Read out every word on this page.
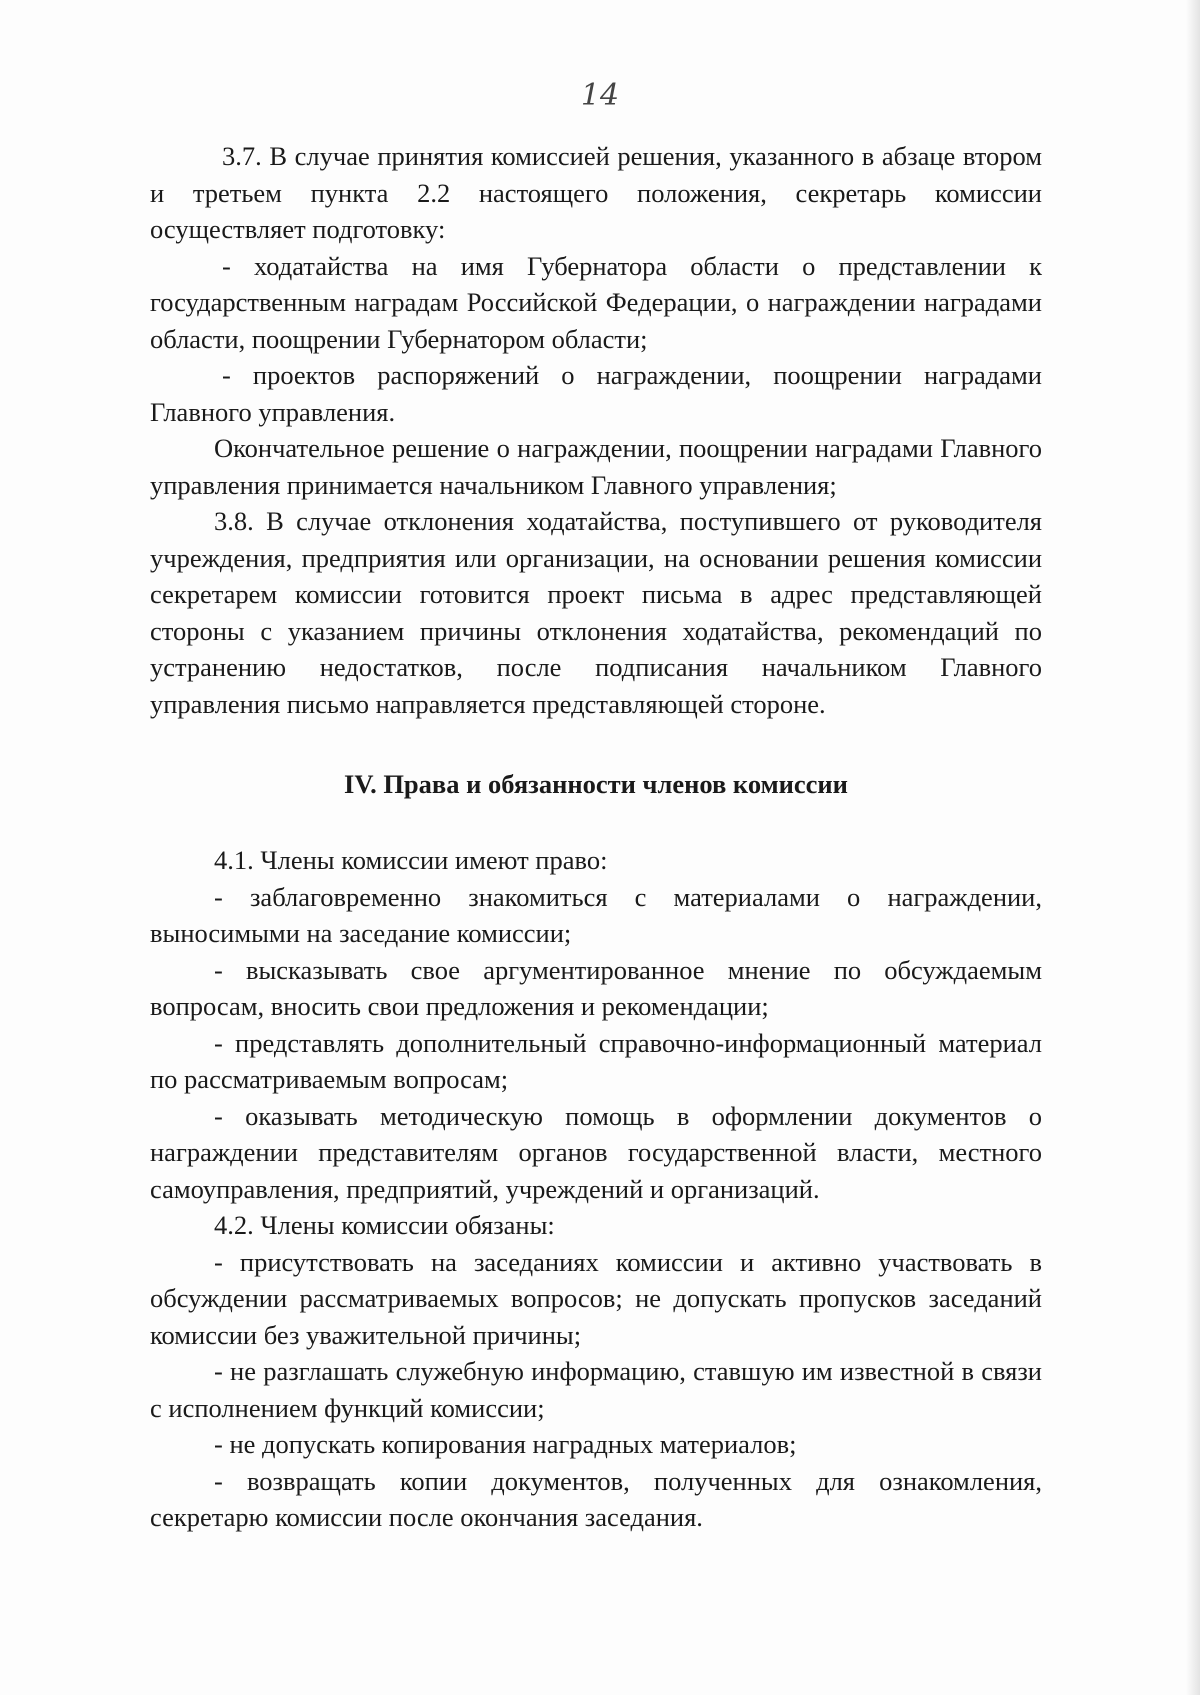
14

3.7. В случае принятия комиссией решения, указанного в абзаце втором и третьем пункта 2.2 настоящего положения, секретарь комиссии осуществляет подготовку:

- ходатайства на имя Губернатора области о представлении к государственным наградам Российской Федерации, о награждении наградами области, поощрении Губернатором области;

- проектов распоряжений о награждении, поощрении наградами Главного управления.

Окончательное решение о награждении, поощрении наградами Главного управления принимается начальником Главного управления;

3.8. В случае отклонения ходатайства, поступившего от руководителя учреждения, предприятия или организации, на основании решения комиссии секретарем комиссии готовится проект письма в адрес представляющей стороны с указанием причины отклонения ходатайства, рекомендаций по устранению недостатков, после подписания начальником Главного управления письмо направляется представляющей стороне.

IV. Права и обязанности членов комиссии

4.1. Члены комиссии имеют право:

- заблаговременно знакомиться с материалами о награждении, выносимыми на заседание комиссии;

- высказывать свое аргументированное мнение по обсуждаемым вопросам, вносить свои предложения и рекомендации;

- представлять дополнительный справочно-информационный материал по рассматриваемым вопросам;

- оказывать методическую помощь в оформлении документов о награждении представителям органов государственной власти, местного самоуправления, предприятий, учреждений и организаций.

4.2. Члены комиссии обязаны:

- присутствовать на заседаниях комиссии и активно участвовать в обсуждении рассматриваемых вопросов; не допускать пропусков заседаний комиссии без уважительной причины;

- не разглашать служебную информацию, ставшую им известной в связи с исполнением функций комиссии;

- не допускать копирования наградных материалов;

- возвращать копии документов, полученных для ознакомления, секретарю комиссии после окончания заседания.
